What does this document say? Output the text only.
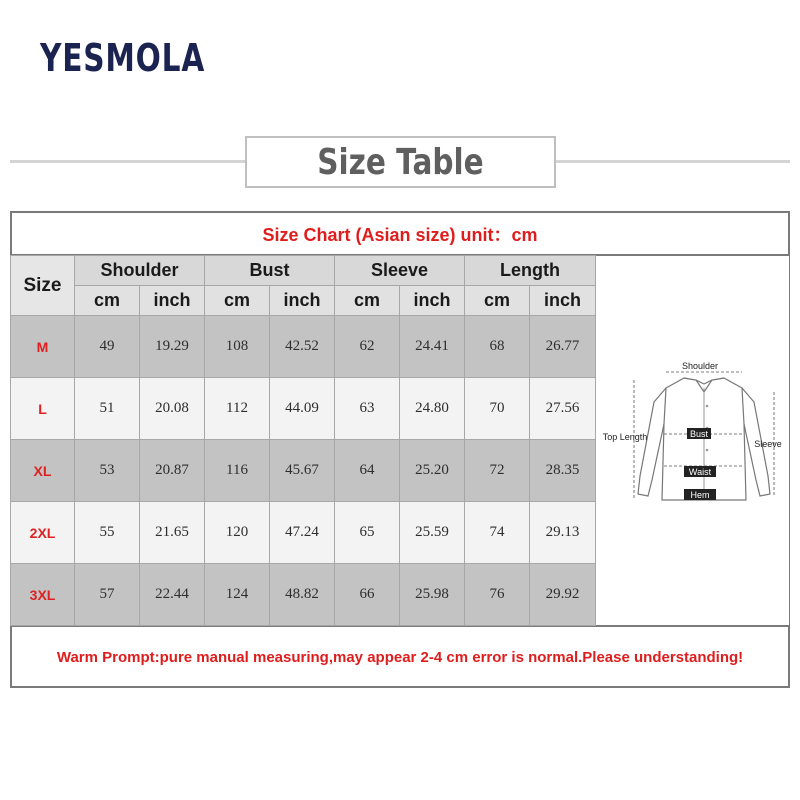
YESMOLA
Size Table
Size Chart (Asian size) unit：cm
Size	Shoulder		Bust		Sleeve		Length	
	cm	inch	cm	inch	cm	inch	cm	inch
M	49	19.29	108	42.52	62	24.41	68	26.77
L	51	20.08	112	44.09	63	24.80	70	27.56
XL	53	20.87	116	45.67	64	25.20	72	28.35
2XL	55	21.65	120	47.24	65	25.59	74	29.13
3XL	57	22.44	124	48.82	66	25.98	76	29.92
Shoulder
Top Length
Sleeve
Bust
Waist
Hem
Warm Prompt:pure manual measuring,may appear 2-4 cm error is normal.Please understanding!
